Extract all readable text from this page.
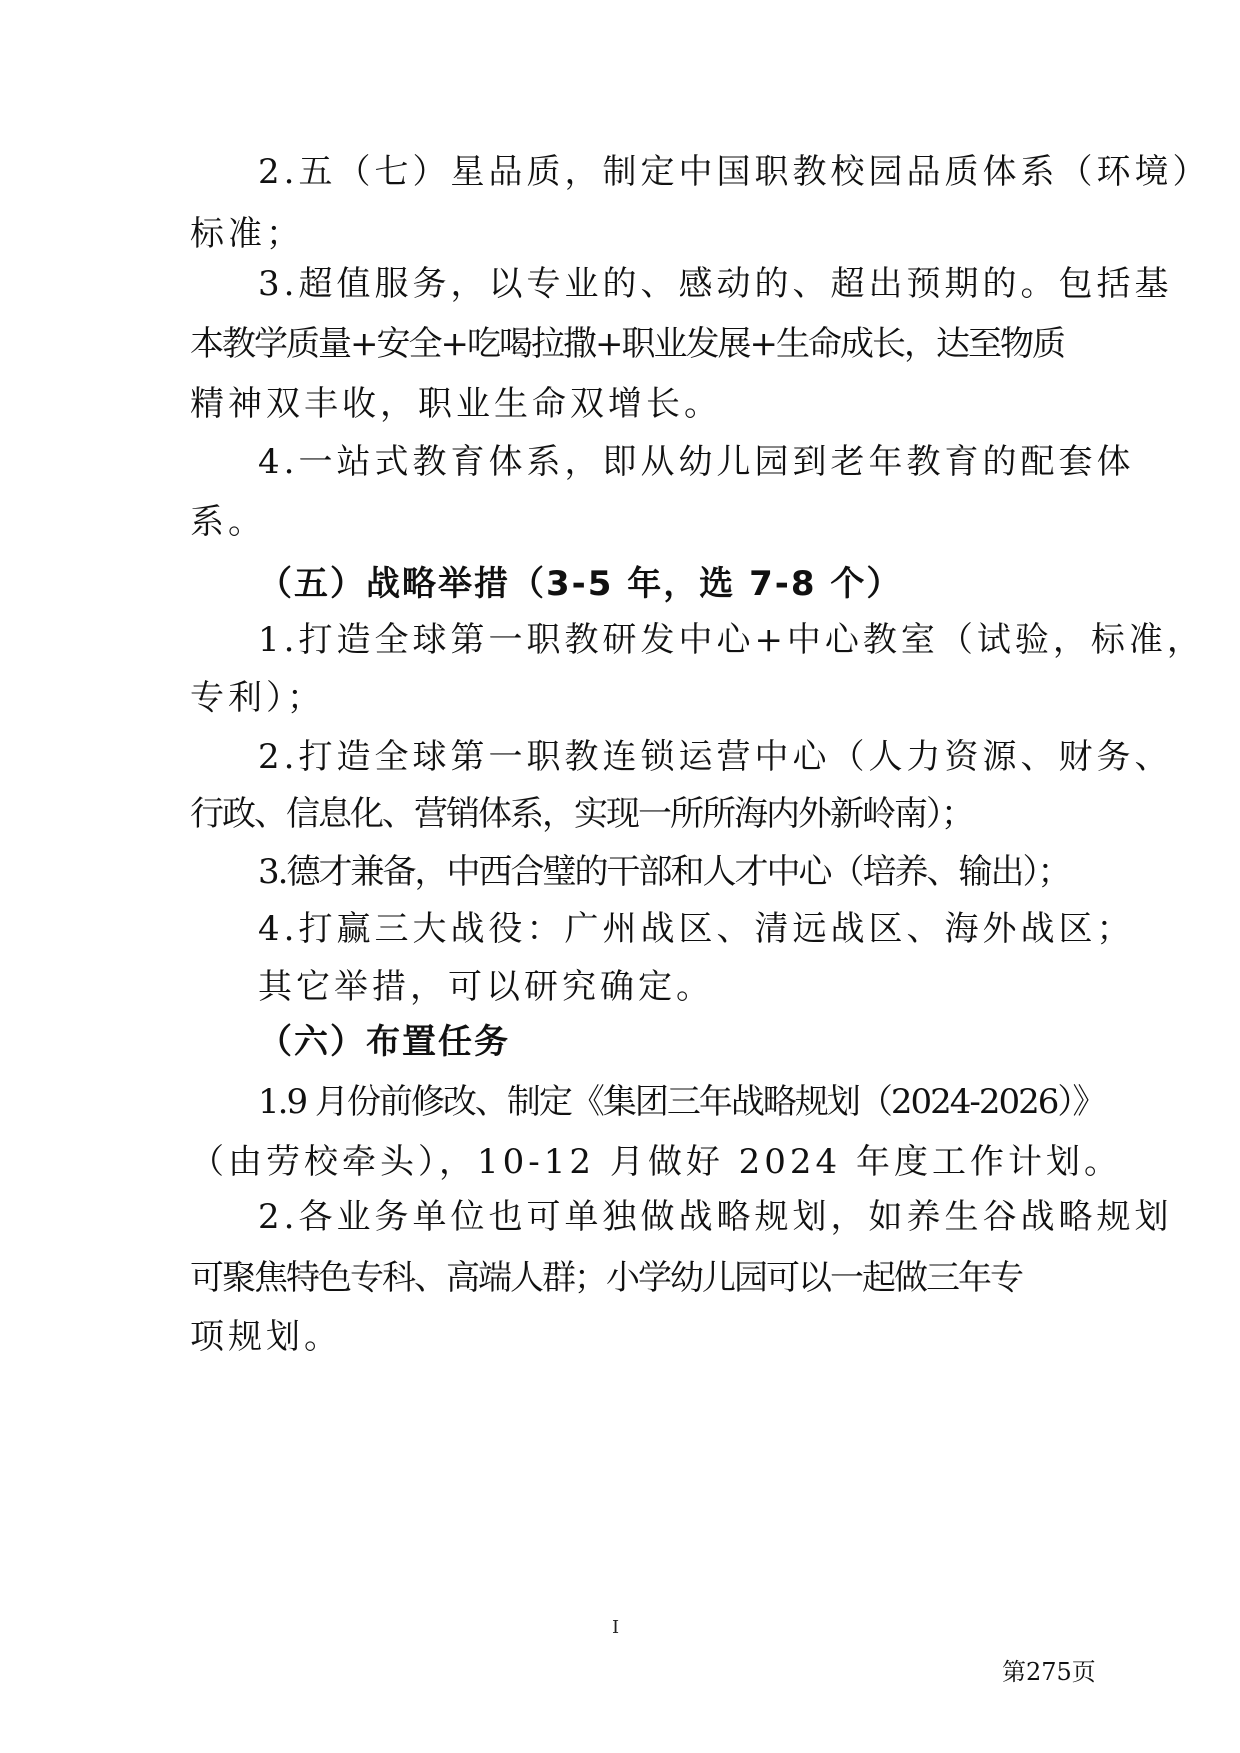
2.五（七）星品质，制定中国职教校园品质体系（环境）
标准；
3.超值服务，以专业的、感动的、超出预期的。包括基
本教学质量+安全+吃喝拉撒+职业发展+生命成长，达至物质
精神双丰收，职业生命双增长。
4.一站式教育体系，即从幼儿园到老年教育的配套体
系。
（五）战略举措（3-5 年，选 7-8 个）
1.打造全球第一职教研发中心+中心教室（试验，标准，
专利）；
2.打造全球第一职教连锁运营中心（人力资源、财务、
行政、信息化、营销体系，实现一所所海内外新岭南）；
3.德才兼备，中西合璧的干部和人才中心（培养、输出）；
4.打赢三大战役：广州战区、清远战区、海外战区；
其它举措，可以研究确定。
（六）布置任务
1.9 月份前修改、制定《集团三年战略规划（2024-2026）》
（由劳校牵头），10-12 月做好 2024 年度工作计划。
2.各业务单位也可单独做战略规划，如养生谷战略规划
可聚焦特色专科、高端人群；小学幼儿园可以一起做三年专
项规划。
I
第275页
